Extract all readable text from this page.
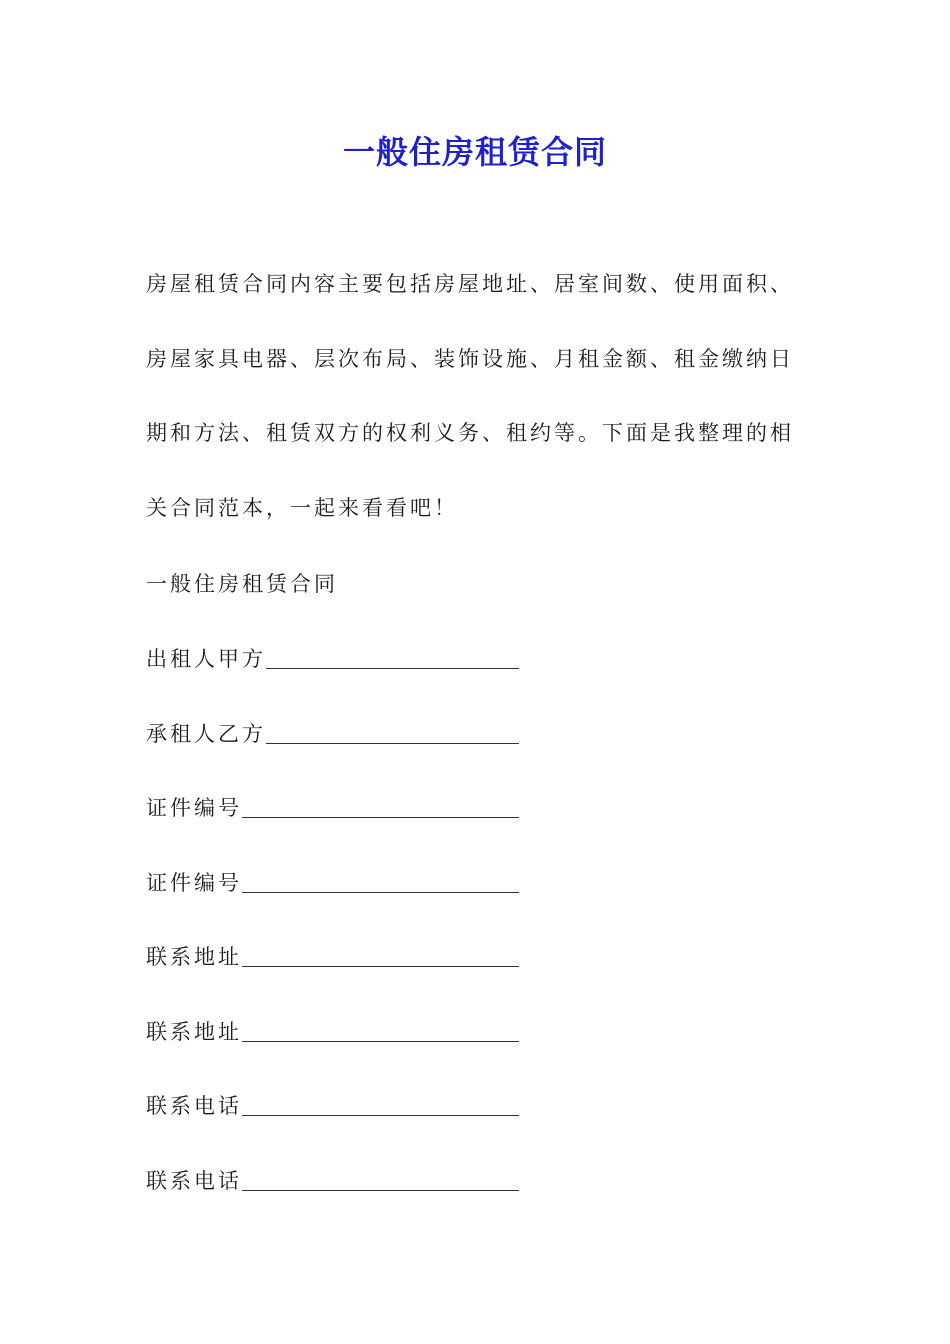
一般住房租赁合同
房屋租赁合同内容主要包括房屋地址、居室间数、使用面积、
房屋家具电器、层次布局、装饰设施、月租金额、租金缴纳日
期和方法、租赁双方的权利义务、租约等。下面是我整理的相
关合同范本，一起来看看吧！
一般住房租赁合同
出租人甲方
承租人乙方
证件编号
证件编号
联系地址
联系地址
联系电话
联系电话
